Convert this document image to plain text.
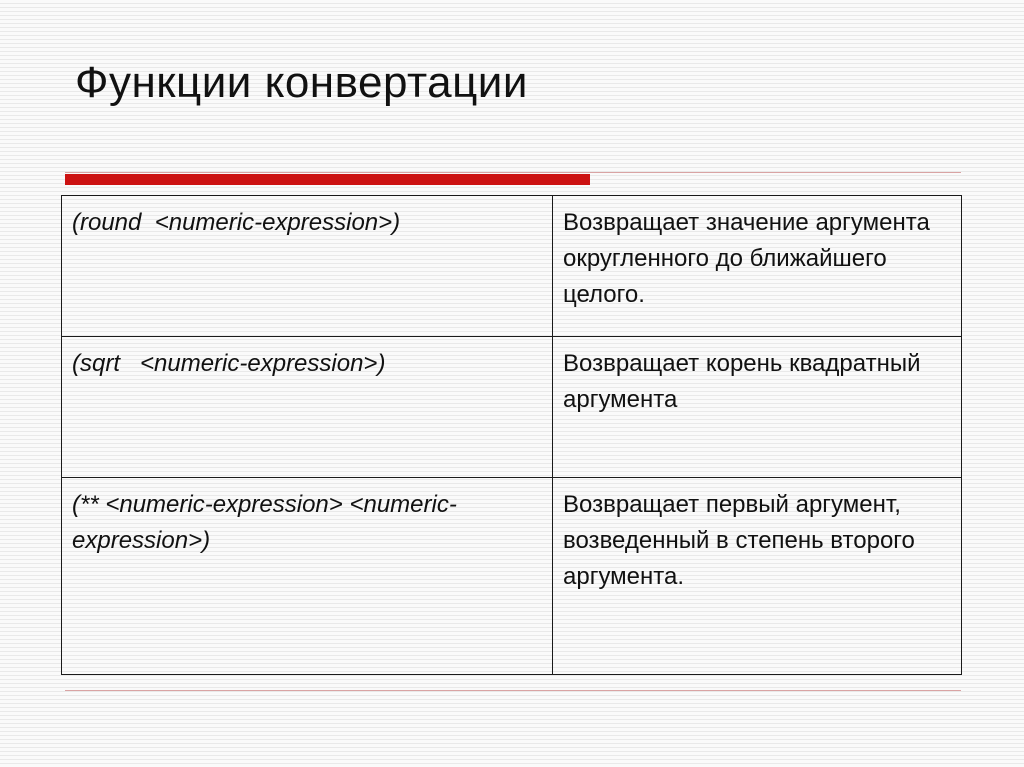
Функции конвертации
(round  <numeric-expression>)	Возвращает значение аргумента округленного до ближайшего целого.
(sqrt   <numeric-expression>)	Возвращает корень квадратный аргумента
(** <numeric-expression> <numeric-expression>)	Возвращает первый аргумент, возведенный в степень второго аргумента.
